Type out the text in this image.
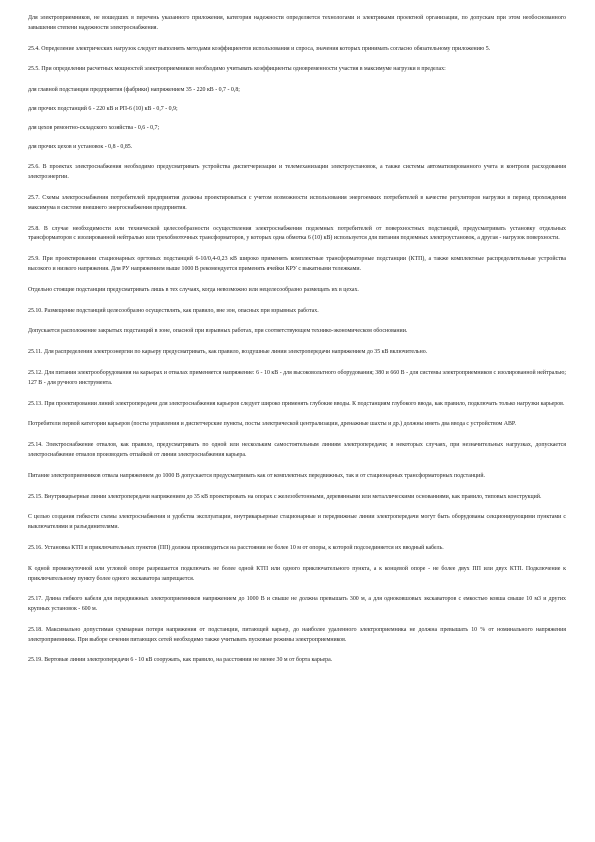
Для электроприемников, не вошедших в перечень указанного приложения, категория надежности определяется технологами и электриками проектной организации, по допускам при этом необоснованного завышения степени надежности электроснабжения.

25.4. Определение электрических нагрузок следует выполнять методами коэффициентов использования и спроса, значения которых принимать согласно обязательному приложению 5.

25.5. При определении расчетных мощностей электроприемников необходимо учитывать коэффициенты одновременности участия в максимуме нагрузки в пределах:

для главной подстанции предприятия (фабрики) напряжением 35 - 220 кВ - 0,7 - 0,8;

для прочих подстанций 6 - 220 кВ и РП-6 (10) кВ - 0,7 - 0,9;

для цехов ремонтно-складского хозяйства - 0,6 - 0,7;

для прочих цехов и установок - 0,8 - 0,85.

25.6. В проектах электроснабжения необходимо предусматривать устройства диспетчеризации и телемеханизации электроустановок, а также системы автоматизированного учета и контроля расходования электроэнергии.

25.7. Схемы электроснабжения потребителей предприятия должны проектироваться с учетом возможности использования энергоемких потребителей в качестве регуляторов нагрузки в период прохождения максимума в системе внешнего энергоснабжения предприятия.

25.8. В случае необходимости или технической целесообразности осуществления электроснабжения подземных потребителей от поверхностных подстанций, предусматривать установку отдельных трансформаторов с изолированной нейтралью или трехобмоточных трансформаторов, у которых одна обмотка 6 (10) кВ) используется для питания подземных электроустановок, а другая - нагрузок поверхности.

25.9. При проектировании стационарных оргтовых подстанций 6-10/0,4-0,23 кВ широко применять комплектные трансформаторные подстанции (КТП), а также комплектные распределительные устройства высокого и низкого напряжения. Для РУ напряжением выше 1000 В рекомендуется применять ячейки КРУ с выкатными тележками.

Отдельно стоящие подстанции предусматривать лишь в тех случаях, когда невозможно или нецелесообразно размещать их в цехах.

25.10. Размещение подстанций целесообразно осуществлять, как правило, вне зон, опасных при взрывных работах.

Допускается расположение закрытых подстанций в зоне, опасной при взрывных работах, при соответствующем технико-экономическом обосновании.

25.11. Для распределения электроэнергии по карьеру предусматривать, как правило, воздушные линии электропередачи напряжением до 35 кВ включительно.

25.12. Для питания электрооборудования на карьерах и отвалах применяется напряжение: 6 - 10 кВ - для высоковольтного оборудования; 380 и 660 В - для системы электроприемников с изолированной нейтралью; 127 В - для ручного инструмента.

25.13. При проектировании линий электропередачи для электроснабжения карьеров следует широко применять глубокие вводы. К подстанциям глубокого ввода, как правило, подключать только нагрузки карьеров.

Потребители первой категории карьеров (посты управления и диспетчерские пункты, посты электрической централизации, дренажные шахты и др.) должны иметь два ввода с устройством АВР.

25.14. Электроснабжение отвалов, как правило, предусматривать по одной или нескольким самостоятельным линиям электропередачи; в некоторых случаях, при незначительных нагрузках, допускается электроснабжение отвалов производить отпайкой от линии электроснабжения карьера.

Питание электроприемников отвала напряжением до 1000 В допускается предусматривать как от комплектных передвижных, так и от стационарных трансформаторных подстанций.

25.15. Внутрикарьерные линии электропередачи напряжением до 35 кВ проектировать на опорах с железобетонными, деревянными или металлическими основаниями, как правило, типовых конструкций.

С целью создания гибкости схемы электроснабжения и удобства эксплуатации, внутрикарьерные стационарные и передвижные линии электропередачи могут быть оборудованы секционирующими пунктами с выключателями и разъединителями.

25.16. Установка КТП и приключательных пунктов (ПП) должна производиться на расстоянии не более 10 м от опоры, к которой подсоединяется их вводный кабель.

К одной промежуточной или угловой опоре разрешается подключать не более одной КТП или одного приключательного пункта, а к концевой опоре - не более двух ПП или двух КТП. Подключение к приключательному пункту более одного экскаватора запрещается.

25.17. Длина гибкого кабеля для передвижных электроприемников напряжением до 1000 В и свыше не должна превышать 300 м, а для одноковшовых экскаваторов с емкостью ковша свыше 10 м3 и других крупных установок - 600 м.

25.18. Максимально допустимая суммарная потеря напряжения от подстанции, питающей карьер, до наиболее удаленного электроприемника не должна превышать 10 % от номинального напряжения электроприемника. При выборе сечения питающих сетей необходимо также учитывать пусковые режимы электроприемников.

25.19. Вертовые линии электропередачи 6 - 10 кВ сооружать, как правило, на расстоянии не менее 30 м от борта карьера.
